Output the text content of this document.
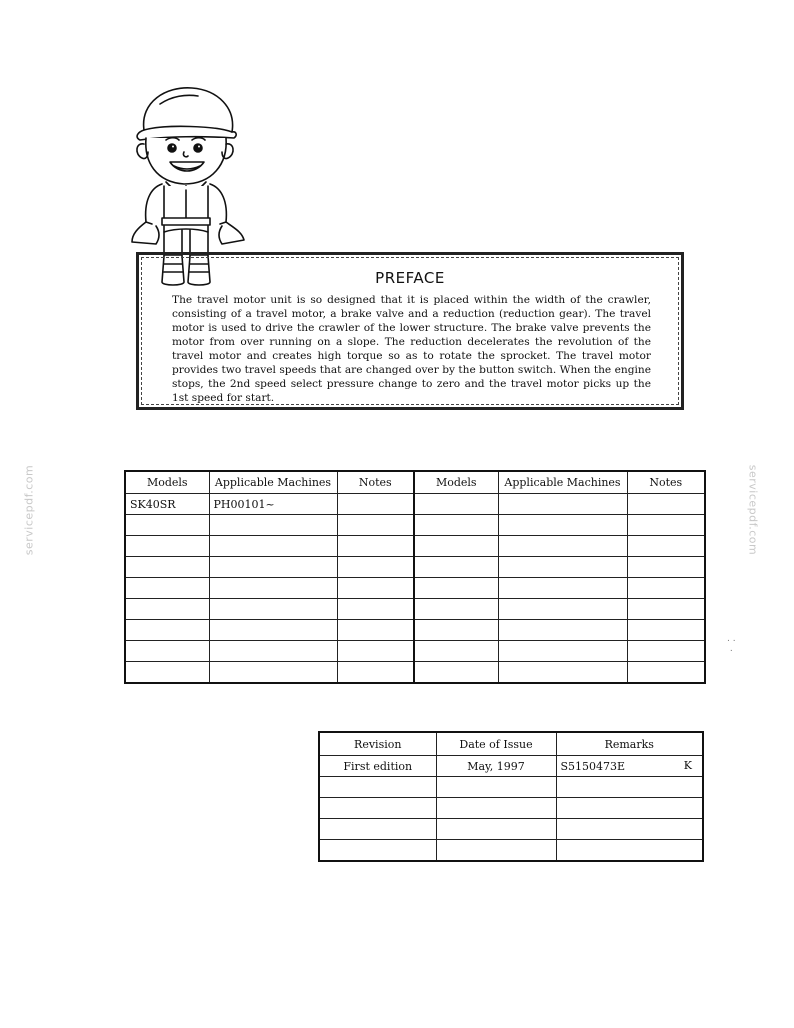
servicepdf.com	servicepdf.com
PREFACE
The travel motor unit is so designed that it is placed within the width of the crawler, consisting of a travel motor, a brake valve and a reduction (reduction gear). The travel motor is used to drive the crawler of the lower structure. The brake valve prevents the motor from over running on a slope. The reduction decelerates the revolution of the travel motor and creates high torque so as to rotate the sprocket. The travel motor provides two travel speeds that are changed over by the button switch. When the engine stops, the 2nd speed select pressure change to zero and the travel motor picks up the 1st speed for start.
Models	Applicable Machines	Notes	Models	Applicable Machines	Notes
SK40SR	PH00101~				

Revision	Date of Issue	Remarks
First edition	May, 1997	S5150473E K

. .
.
